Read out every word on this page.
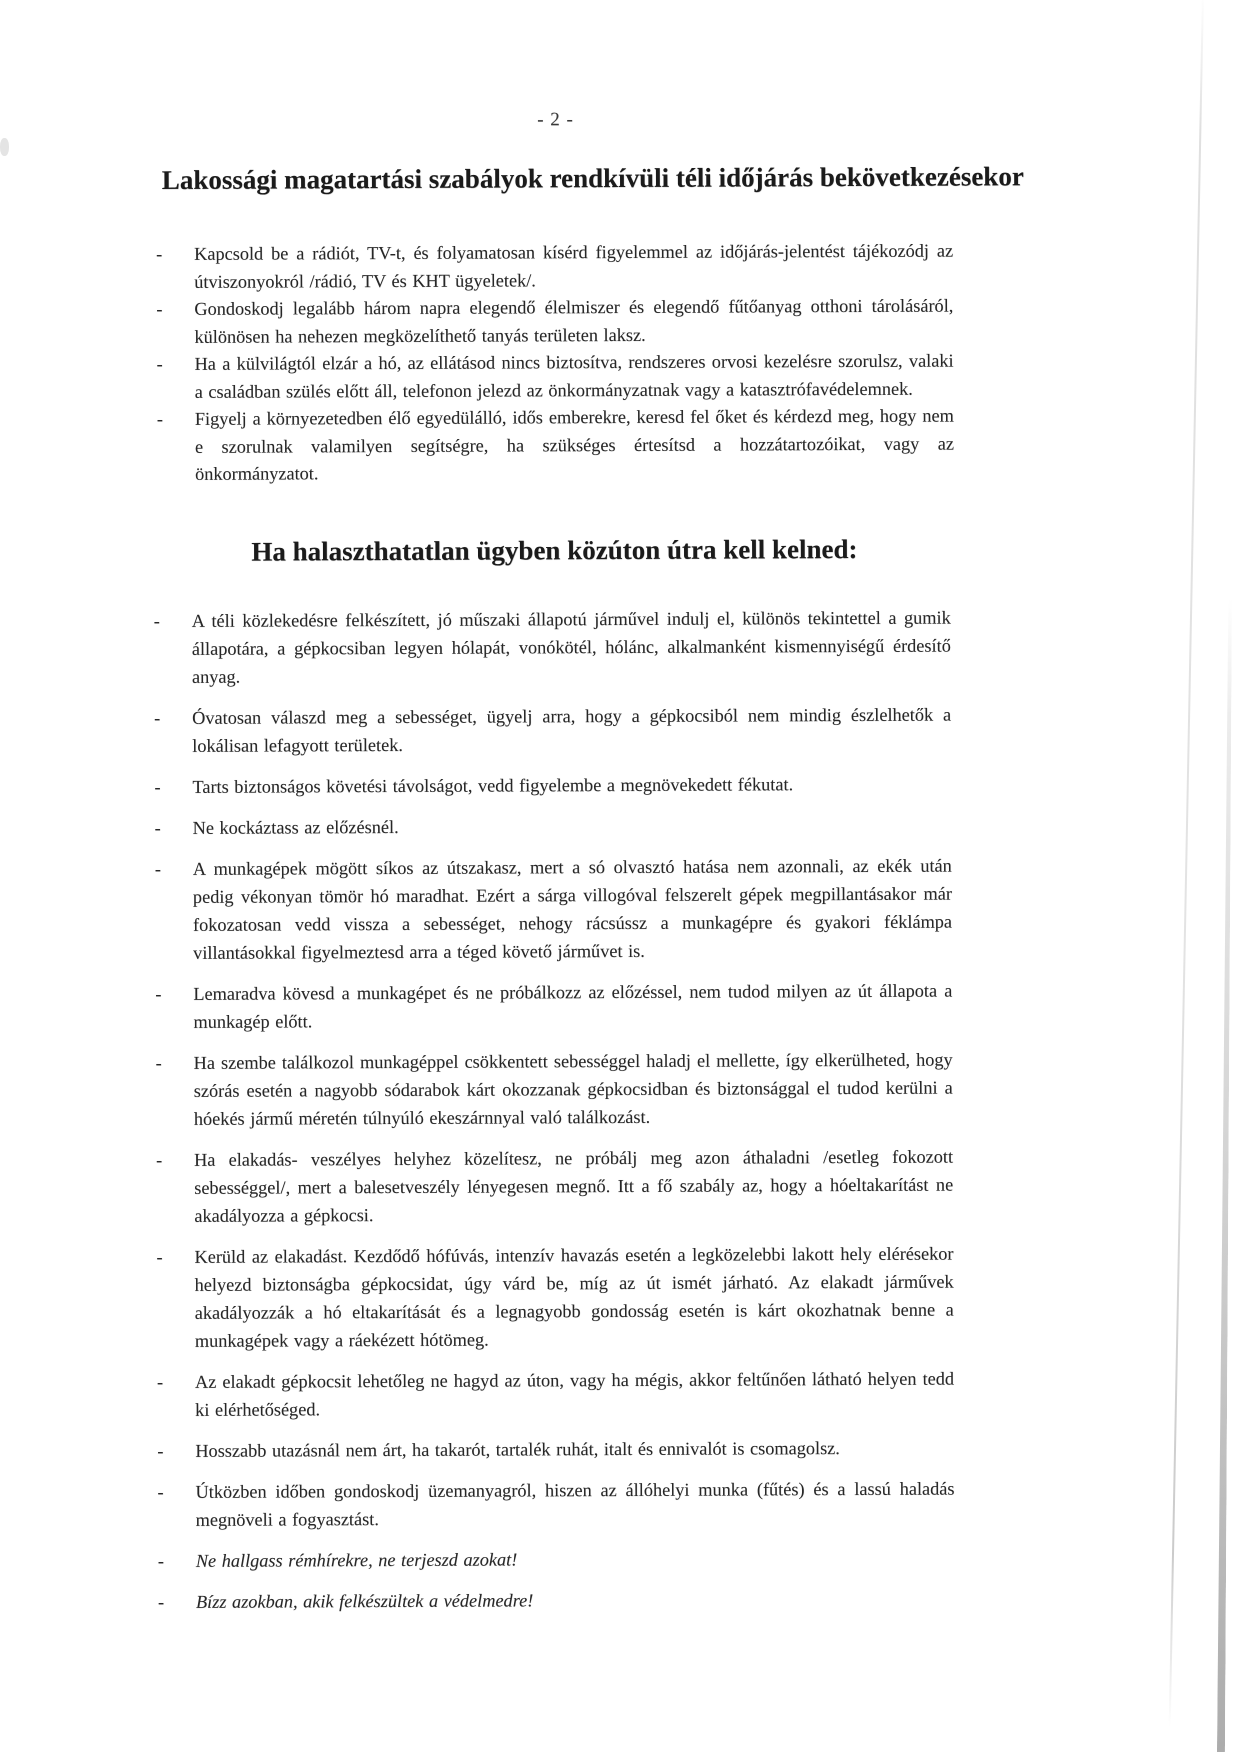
- 2 -
Lakossági magatartási szabályok rendkívüli téli időjárás bekövetkezésekor
- Kapcsold be a rádiót, TV-t, és folyamatosan kísérd figyelemmel az időjárás-jelentést tájékozódj az útviszonyokról /rádió, TV és KHT ügyeletek/.
- Gondoskodj legalább három napra elegendő élelmiszer és elegendő fűtőanyag otthoni tárolásáról, különösen ha nehezen megközelíthető tanyás területen laksz.
- Ha a külvilágtól elzár a hó, az ellátásod nincs biztosítva, rendszeres orvosi kezelésre szorulsz, valaki a családban szülés előtt áll, telefonon jelezd az önkormányzatnak vagy a katasztrófavédelemnek.
- Figyelj a környezetedben élő egyedülálló, idős emberekre, keresd fel őket és kérdezd meg, hogy nem e szorulnak valamilyen segítségre, ha szükséges értesítsd a hozzátartozóikat, vagy az önkormányzatot.
Ha halaszthatatlan ügyben közúton útra kell kelned:
- A téli közlekedésre felkészített, jó műszaki állapotú járművel indulj el, különös tekintettel a gumik állapotára, a gépkocsiban legyen hólapát, vonókötél, hólánc, alkalmanként kismennyiségű érdesítő anyag.
- Óvatosan válaszd meg a sebességet, ügyelj arra, hogy a gépkocsiból nem mindig észlelhetők a lokálisan lefagyott területek.
- Tarts biztonságos követési távolságot, vedd figyelembe a megnövekedett fékutat.
- Ne kockáztass az előzésnél.
- A munkagépek mögött síkos az útszakasz, mert a só olvasztó hatása nem azonnali, az ekék után pedig vékonyan tömör hó maradhat. Ezért a sárga villogóval felszerelt gépek megpillantásakor már fokozatosan vedd vissza a sebességet, nehogy rácsússz a munkagépre és gyakori féklámpa villantásokkal figyelmeztesd arra a téged követő járművet is.
- Lemaradva kövesd a munkagépet és ne próbálkozz az előzéssel, nem tudod milyen az út állapota a munkagép előtt.
- Ha szembe találkozol munkagéppel csökkentett sebességgel haladj el mellette, így elkerülheted, hogy szórás esetén a nagyobb sódarabok kárt okozzanak gépkocsidban és biztonsággal el tudod kerülni a hóekés jármű méretén túlnyúló ekeszárnnyal való találkozást.
- Ha elakadás- veszélyes helyhez közelítesz, ne próbálj meg azon áthaladni /esetleg fokozott sebességgel/, mert a balesetveszély lényegesen megnő. Itt a fő szabály az, hogy a hóeltakarítást ne akadályozza a gépkocsi.
- Kerüld az elakadást. Kezdődő hófúvás, intenzív havazás esetén a legközelebbi lakott hely elérésekor helyezd biztonságba gépkocsidat, úgy várd be, míg az út ismét járható. Az elakadt járművek akadályozzák a hó eltakarítását és a legnagyobb gondosság esetén is kárt okozhatnak benne a munkagépek vagy a ráekézett hótömeg.
- Az elakadt gépkocsit lehetőleg ne hagyd az úton, vagy ha mégis, akkor feltűnően látható helyen tedd ki elérhetőséged.
- Hosszabb utazásnál nem árt, ha takarót, tartalék ruhát, italt és ennivalót is csomagolsz.
- Útközben időben gondoskodj üzemanyagról, hiszen az állóhelyi munka (fűtés) és a lassú haladás megnöveli a fogyasztást.
- Ne hallgass rémhírekre, ne terjeszd azokat!
- Bízz azokban, akik felkészültek a védelmedre!
